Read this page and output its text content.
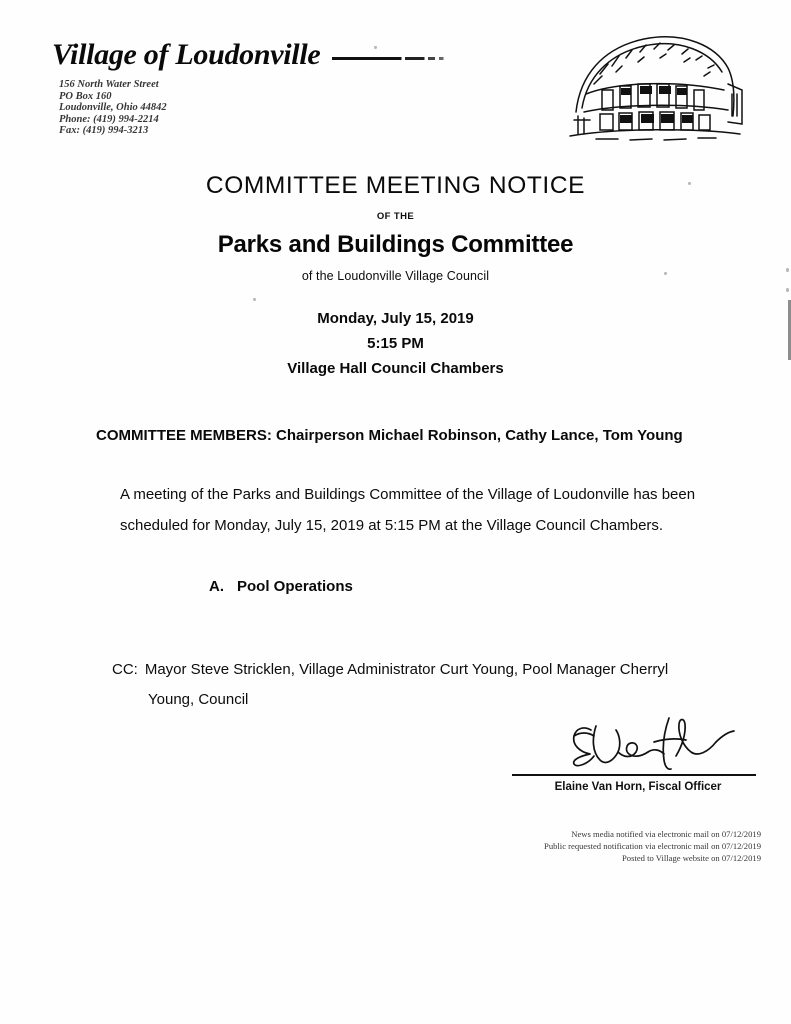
Village of Loudonville
156 North Water Street
PO Box 160
Loudonville, Ohio 44842
Phone: (419) 994-2214
Fax: (419) 994-3213
COMMITTEE MEETING NOTICE
OF THE
Parks and Buildings Committee
of the Loudonville Village Council
Monday, July 15, 2019
5:15 PM
Village Hall Council Chambers
COMMITTEE MEMBERS: Chairperson Michael Robinson, Cathy Lance, Tom Young
A meeting of the Parks and Buildings Committee of the Village of Loudonville has been scheduled for Monday, July 15, 2019 at 5:15 PM at the Village Council Chambers.
A. Pool Operations
CC: Mayor Steve Stricklen, Village Administrator Curt Young, Pool Manager Cherryl
Young, Council
Elaine Van Horn, Fiscal Officer
News media notified via electronic mail on 07/12/2019
Public requested notification via electronic mail on 07/12/2019
Posted to Village website on 07/12/2019
